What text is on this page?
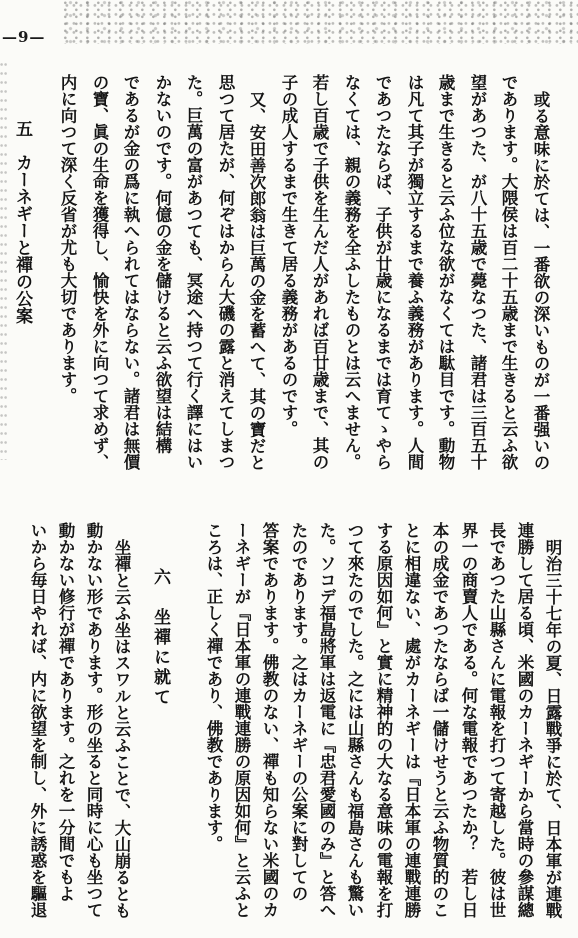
—9—
或る意味に於ては、一番欲の深いものが一番强いの
であります。大隈侯は百二十五歳まで生きると云ふ欲
望があつた、が八十五歳で薨なつた、諸君は三百五十
歳まで生きると云ふ位な欲がなくては駄目です。動物
は凡て其子が獨立するまで養ふ義務があります。人間
であつたならば、子供が廿歳になるまでは育てゝやら
なくては、親の義務を全ふしたものとは云へません。
若し百歳で子供を生んだ人があれば百廿歳まで、其の
子の成人するまで生きて居る義務があるのです。
又、安田善次郎翁は巨萬の金を蓄へて、其の寶だと
思つて居たが、何ぞはからん大磯の露と消えてしまつ
た。巨萬の富があつても、冥途へ持つて行く譯にはい
かないのです。何億の金を儲けると云ふ欲望は結構
であるが金の爲に執へられてはならない。諸君は無價
の寶、眞の生命を獲得し、愉快を外に向つて求めず、
内に向つて深く反省が尤も大切であります。
五　カーネギーと禪の公案
明治三十七年の夏、日露戰爭に於て、日本軍が連戰
連勝して居る頃、米國のカーネギーから當時の參謀總
長であつた山縣さんに電報を打つて寄越した。彼は世
界一の商賣人である。何な電報であつたか？　若し日
本の成金であつたならば一儲けせうと云ふ物質的のこ
とに相違ない、處がカーネギーは『日本軍の連戰連勝
する原因如何』と實に精神的の大なる意味の電報を打
つて來たのでした。之には山縣さんも福島さんも驚い
た。ソコデ福島將軍は返電に『忠君愛國のみ』と答へ
たのであります。之はカーネギーの公案に對しての
答案であります。佛教のない、禪も知らない米國のカ
ーネギーが『日本軍の連戰連勝の原因如何』と云ふと
ころは、正しく禪であり、佛教であります。
六　坐禪に就て
坐禪と云ふ坐はスワルと云ふことで、大山崩るとも
動かない形であります。形の坐ると同時に心も坐つて
動かない修行が禪であります。之れを一分間でもよ
いから毎日やれば、内に欲望を制し、外に誘惑を驅退
